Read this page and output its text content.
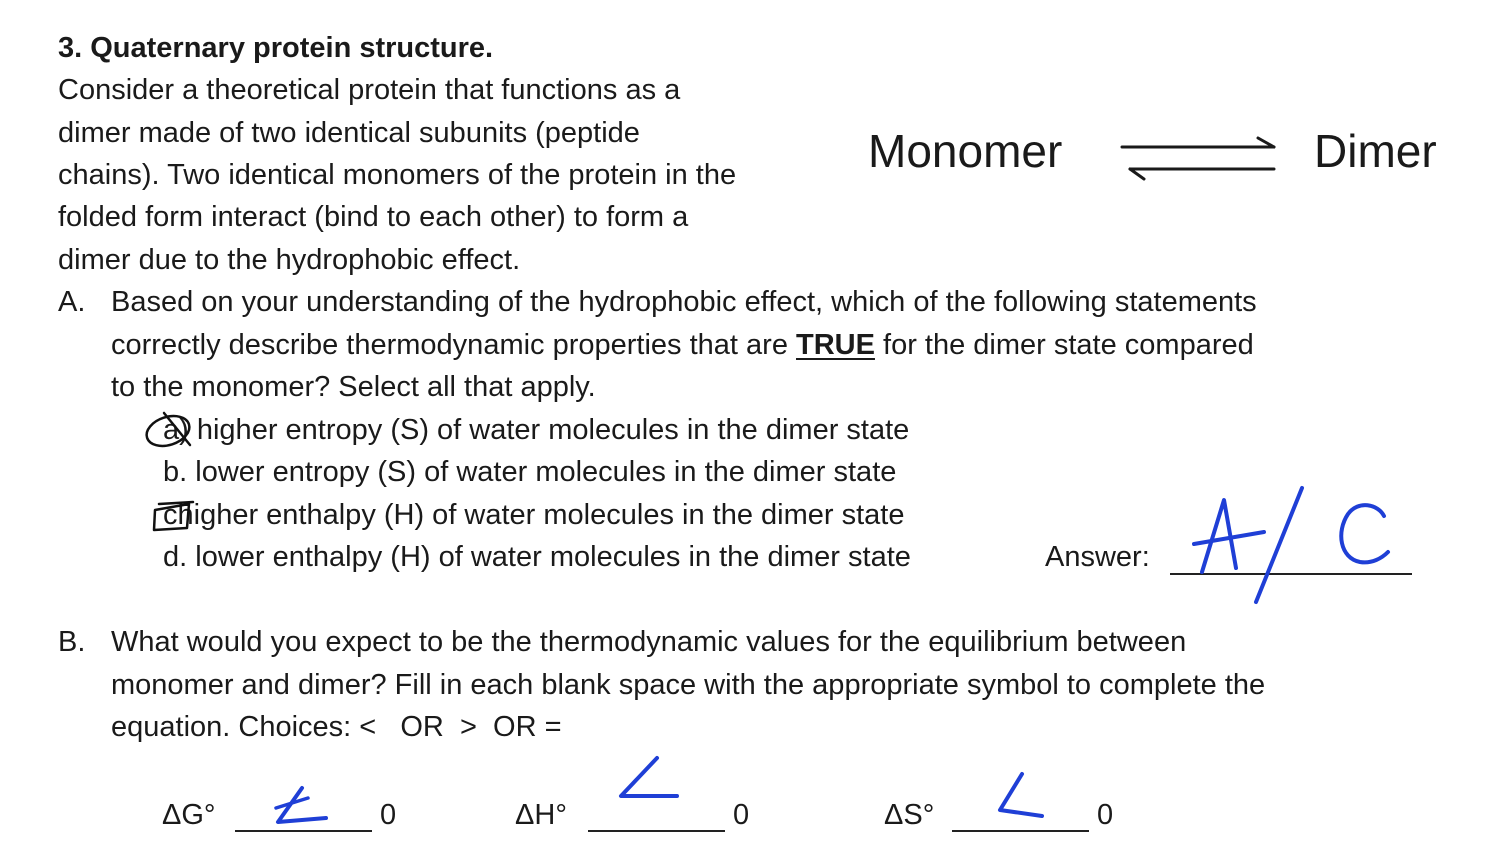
3. Quaternary protein structure.
Consider a theoretical protein that functions as a
dimer made of two identical subunits (peptide
chains). Two identical monomers of the protein in the
folded form interact (bind to each other) to form a
dimer due to the hydrophobic effect.
Monomer	Dimer
A. Based on your understanding of the hydrophobic effect, which of the following statements
correctly describe thermodynamic properties that are TRUE for the dimer state compared
to the monomer? Select all that apply.
a) higher entropy (S) of water molecules in the dimer state
b. lower entropy (S) of water molecules in the dimer state
chigher enthalpy (H) of water molecules in the dimer state
d. lower enthalpy (H) of water molecules in the dimer state	Answer:
B. What would you expect to be the thermodynamic values for the equilibrium between
monomer and dimer? Fill in each blank space with the appropriate symbol to complete the
equation. Choices: <   OR  >  OR =
ΔG°	0	ΔH°	0	ΔS°	0
